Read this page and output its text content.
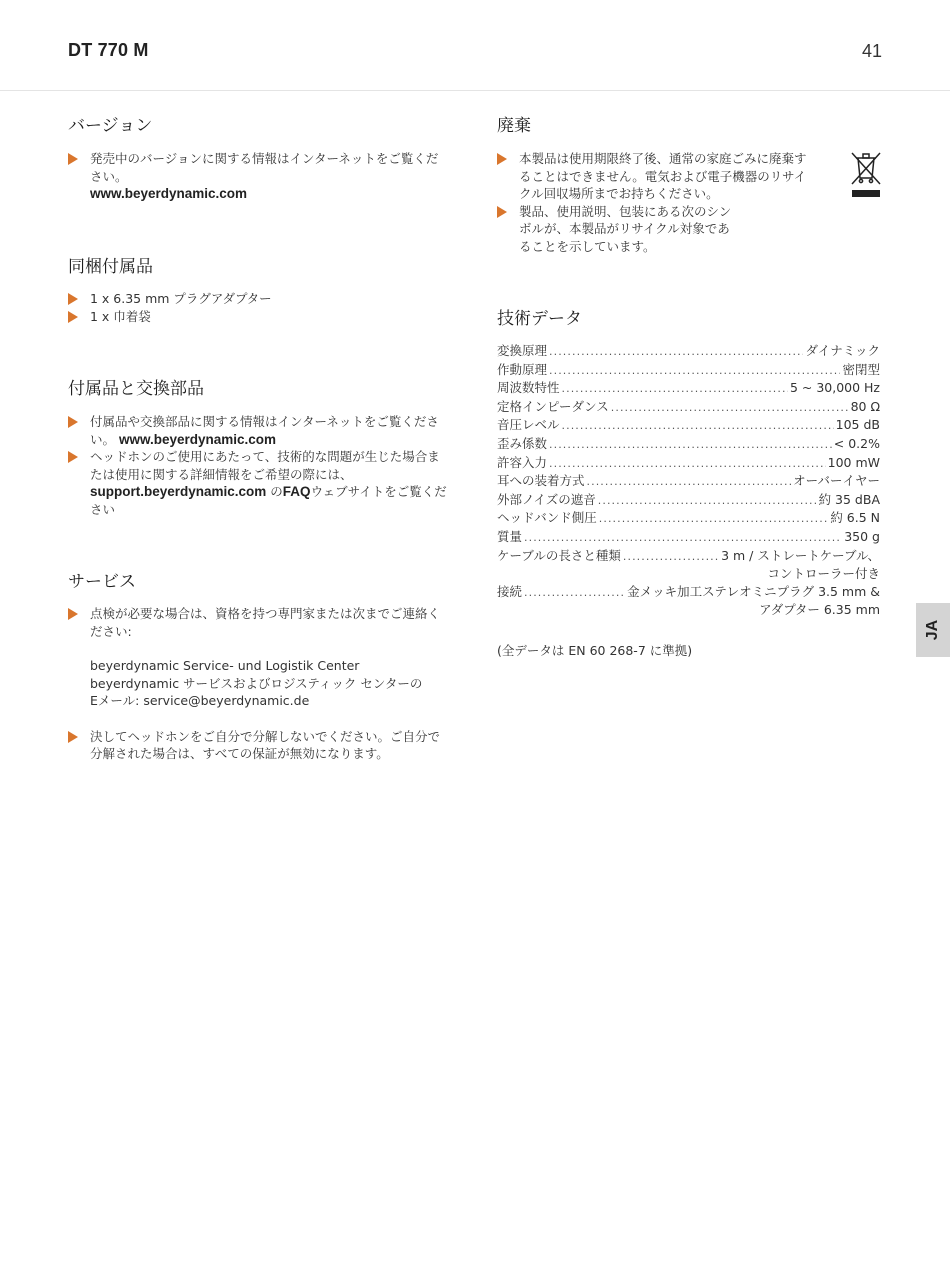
DT 770 M	41
バージョン
発売中のバージョンに関する情報はインターネットをご覧ください。
www.beyerdynamic.com
同梱付属品
1 x 6.35 mm プラグアダプター
1 x 巾着袋
付属品と交換部品
付属品や交換部品に関する情報はインターネットをご覧ください。 www.beyerdynamic.com
ヘッドホンのご使用にあたって、技術的な問題が生じた場合または使用に関する詳細情報をご希望の際には、 support.beyerdynamic.com のFAQウェブサイトをご覧ください
サービス
点検が必要な場合は、資格を持つ専門家または次までご連絡ください:
beyerdynamic Service- und Logistik Center
beyerdynamic サービスおよびロジスティック センターの
Eメール: service@beyerdynamic.de
決してヘッドホンをご自分で分解しないでください。ご自分で分解された場合は、すべての保証が無効になります。
廃棄
本製品は使用期限終了後、通常の家庭ごみに廃棄することはできません。電気および電子機器のリサイクル回収場所までお持ちください。
製品、使用説明、包装にある次のシンボルが、本製品がリサイクル対象であることを示しています。
技術データ
変換原理 . . .	ダイナミック
作動原理 . . .	密閉型
周波数特性 . . .	5 ~ 30,000 Hz
定格インピーダンス . . .	80 Ω
音圧レベル . . .	105 dB
歪み係数 . . .	< 0.2%
許容入力 . . .	100 mW
耳への装着方式 . . .	オーバーイヤー
外部ノイズの遮音 . . .	約 35 dBA
ヘッドバンド側圧 . . .	約 6.5 N
質量 . . .	350 g
ケーブルの長さと種類 . . .	3 m / ストレートケーブル、
コントローラー付き
接続 . . .	金メッキ加工ステレオミニプラグ 3.5 mm &
アダプター 6.35 mm
(全データは EN 60 268-7 に準拠)
JA
